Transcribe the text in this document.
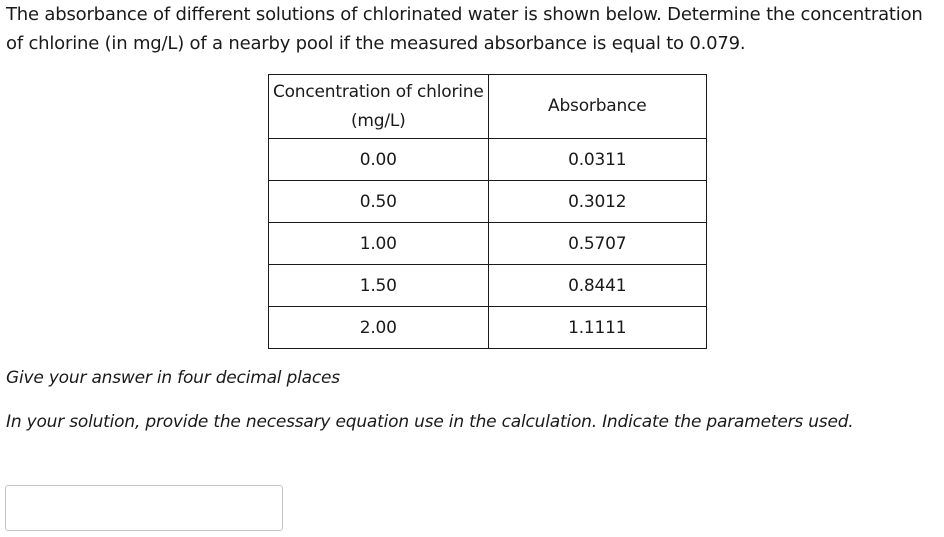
The absorbance of different solutions of chlorinated water is shown below. Determine the concentration of chlorine (in mg/L) of a nearby pool if the measured absorbance is equal to 0.079.

Concentration of chlorine (mg/L)	Absorbance
0.00	0.0311
0.50	0.3012
1.00	0.5707
1.50	0.8441
2.00	1.1111

Give your answer in four decimal places

In your solution, provide the necessary equation use in the calculation. Indicate the parameters used.
